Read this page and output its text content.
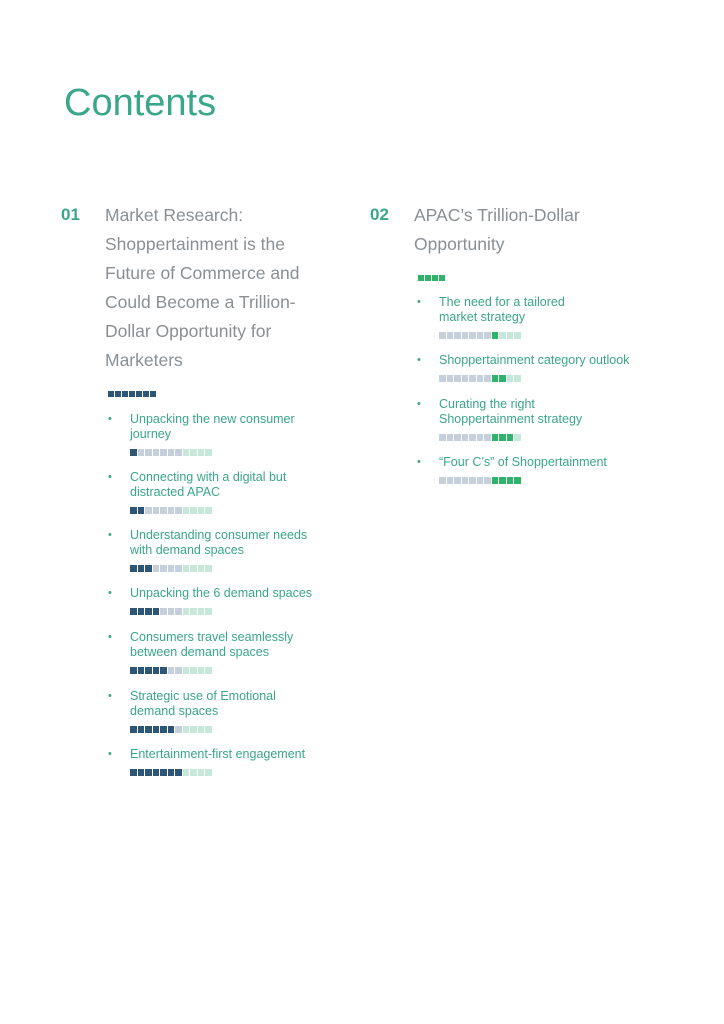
Contents
01 Market Research:
Shoppertainment is the
Future of Commerce and
Could Become a Trillion-
Dollar Opportunity for
Marketers
• Unpacking the new consumer
journey
• Connecting with a digital but
distracted APAC
• Understanding consumer needs
with demand spaces
• Unpacking the 6 demand spaces
• Consumers travel seamlessly
between demand spaces
• Strategic use of Emotional
demand spaces
• Entertainment-first engagement
02 APAC’s Trillion-Dollar
Opportunity
• The need for a tailored
market strategy
• Shoppertainment category outlook
• Curating the right
Shoppertainment strategy
• “Four C’s” of Shoppertainment
